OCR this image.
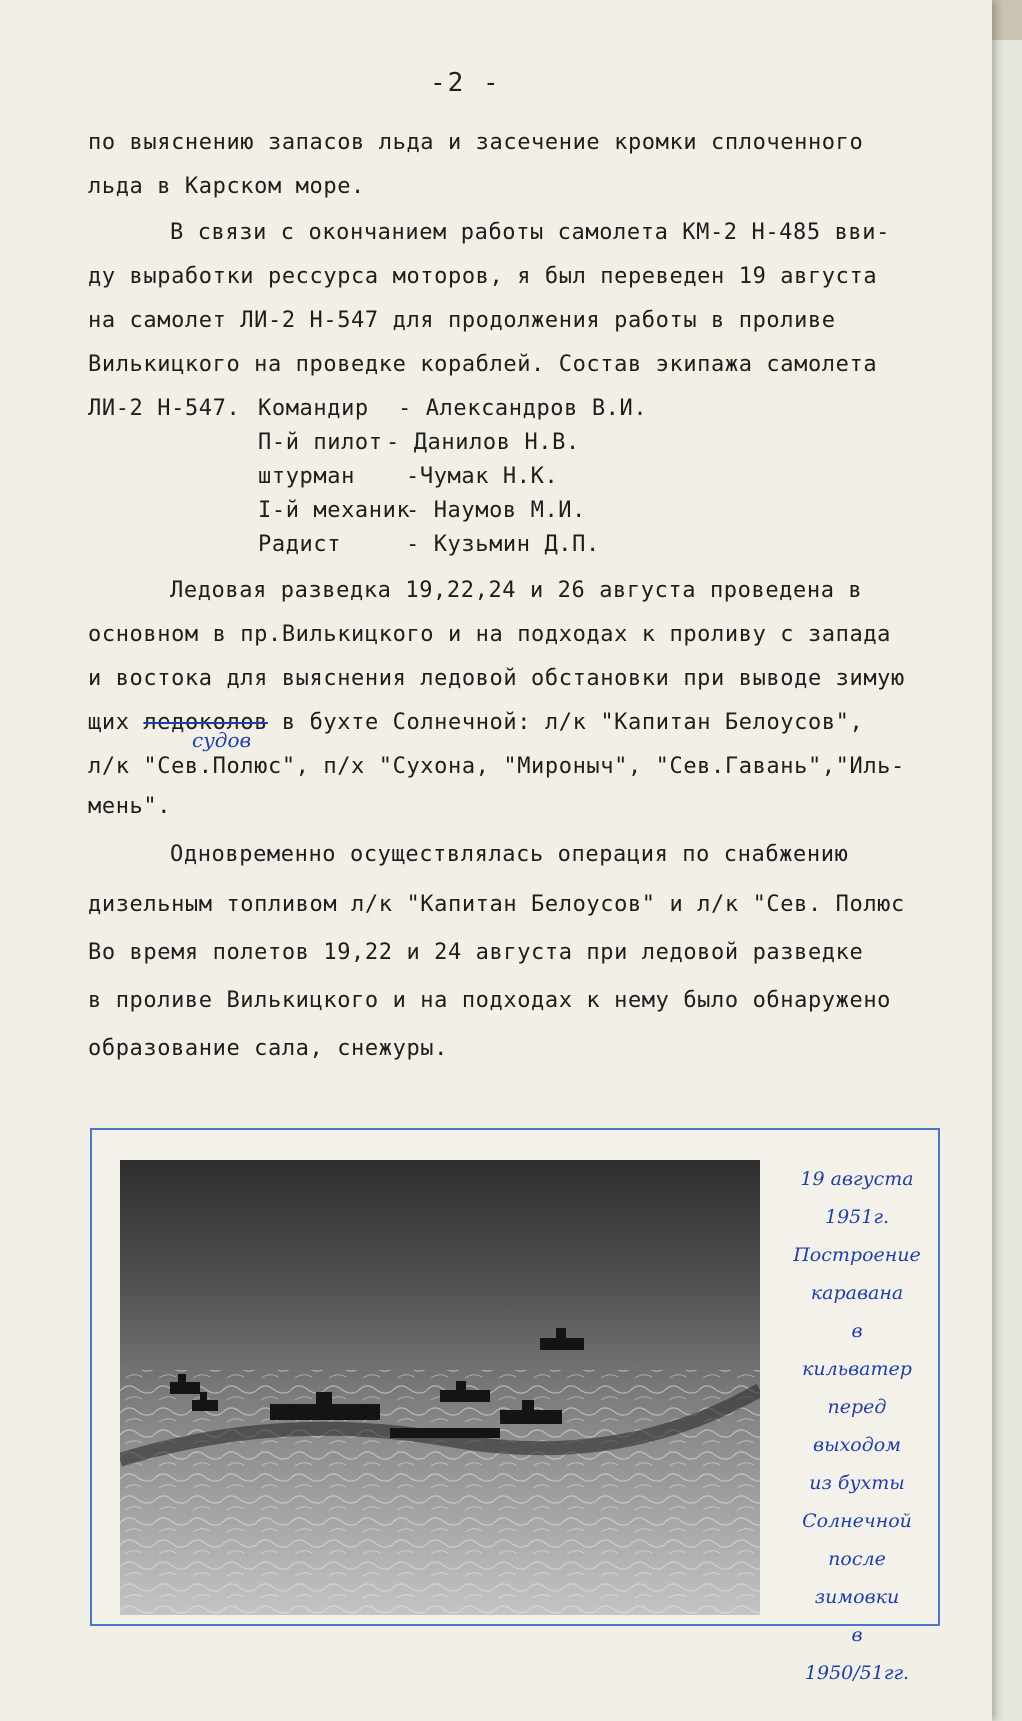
-2 -
по выяснению запасов льда и засечение кромки сплоченного
льда в Карском море.
В связи с окончанием работы самолета КМ-2 Н-485 вви-
ду выработки рессурса моторов, я был переведен 19 августа
на самолет ЛИ-2 Н-547 для продолжения работы в проливе
Вилькицкого на проведке кораблей. Состав экипажа самолета
ЛИ-2 Н-547. Командир - Александров В.И.
П-й пилот - Данилов Н.В.
штурман -Чумак Н.К.
I-й механик
- Наумов М.И.
Радист	- Кузьмин Д.П.
Ледовая разведка 19,22,24 и 26 августа проведена в
основном в пр.Вилькицкого и на подходах к проливу с запада
и востока для выяснения ледовой обстановки при выводе зимую
судов
щих ледоколов в бухте Солнечной: л/к "Капитан Белоусов",
л/к "Сев.Полюс", п/х "Сухона, "Мироныч", "Сев.Гавань","Иль-
мень".
Одновременно осуществлялась операция по снабжению
дизельным топливом л/к "Капитан Белоусов" и л/к "Сев. Полюс
Во время полетов 19,22 и 24 августа при ледовой разведке
в проливе Вилькицкого и на подходах к нему было обнаружено
образование сала, снежуры.
19 августа
1951г.
Построение
каравана
в
кильватер
перед
выходом
из бухты
Солнечной
после
зимовки
в
1950/51гг.
